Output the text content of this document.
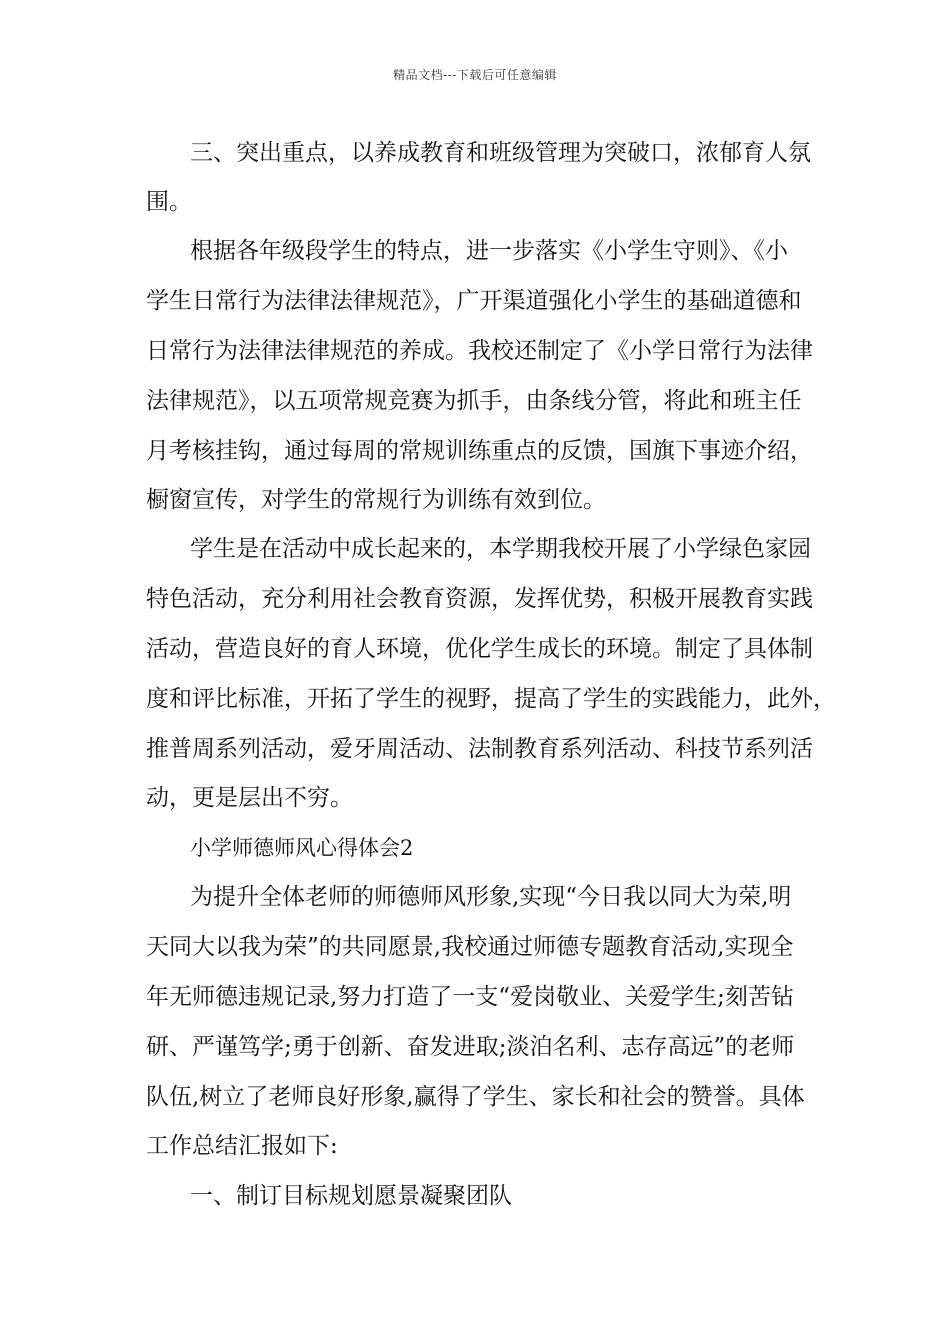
精品文档---下载后可任意编辑
三、突出重点，以养成教育和班级管理为突破口，浓郁育人氛
围。
根据各年级段学生的特点，进一步落实《小学生守则》、《小
学生日常行为法律法律规范》，广开渠道强化小学生的基础道德和
日常行为法律法律规范的养成。我校还制定了《小学日常行为法律
法律规范》，以五项常规竞赛为抓手，由条线分管，将此和班主任
月考核挂钩，通过每周的常规训练重点的反馈，国旗下事迹介绍，
橱窗宣传，对学生的常规行为训练有效到位。
学生是在活动中成长起来的，本学期我校开展了小学绿色家园
特色活动，充分利用社会教育资源，发挥优势，积极开展教育实践
活动，营造良好的育人环境，优化学生成长的环境。制定了具体制
度和评比标准，开拓了学生的视野，提高了学生的实践能力，此外，
推普周系列活动，爱牙周活动、法制教育系列活动、科技节系列活
动，更是层出不穷。
小学师德师风心得体会2
为提升全体老师的师德师风形象,实现“今日我以同大为荣,明
天同大以我为荣”的共同愿景,我校通过师德专题教育活动,实现全
年无师德违规记录,努力打造了一支“爱岗敬业、关爱学生;刻苦钻
研、严谨笃学;勇于创新、奋发进取;淡泊名利、志存高远”的老师
队伍,树立了老师良好形象,赢得了学生、家长和社会的赞誉。具体
工作总结汇报如下:
一、制订目标规划愿景凝聚团队
